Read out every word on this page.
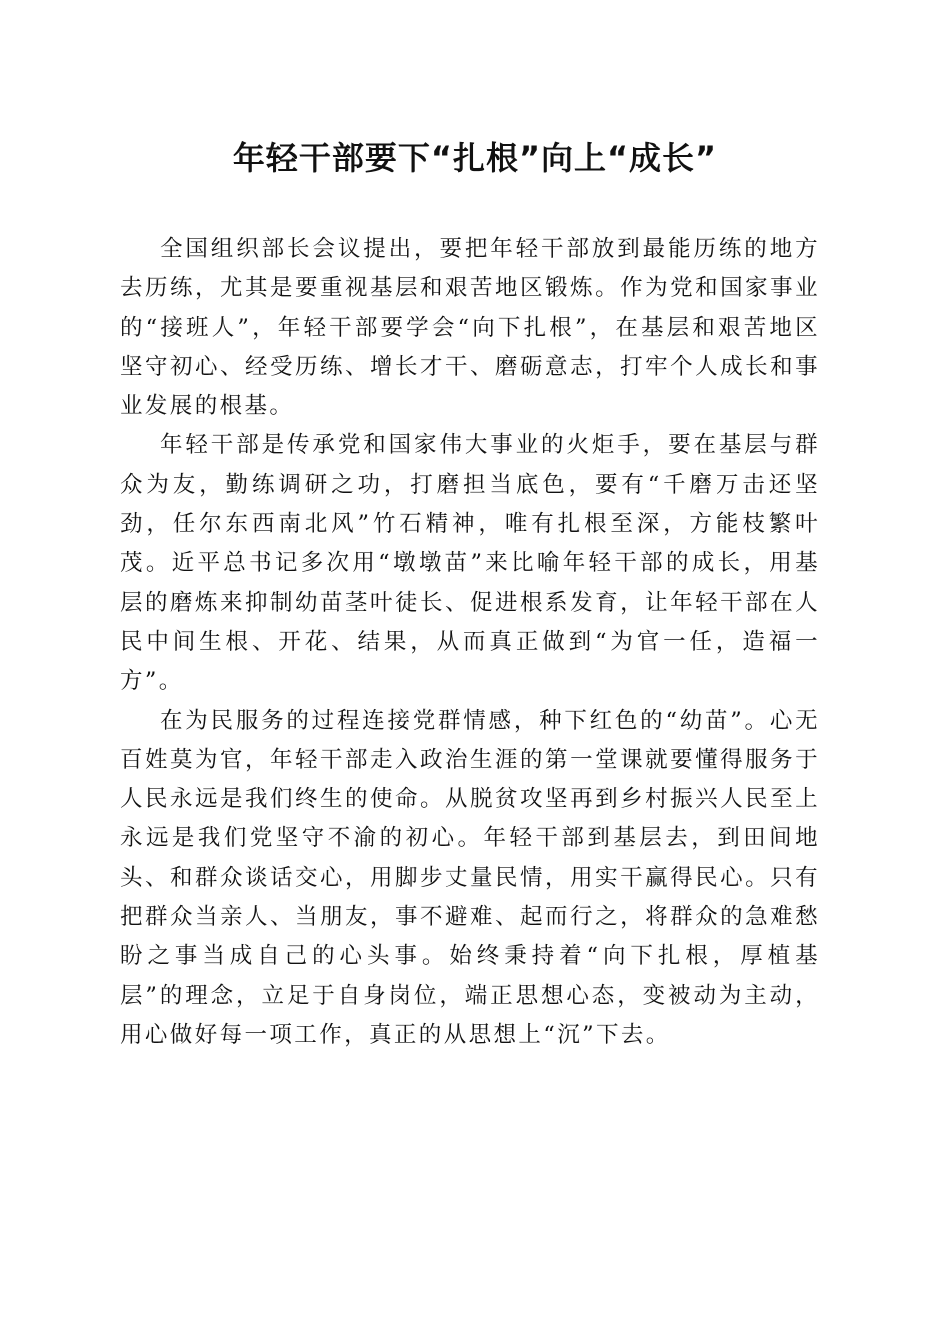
年轻干部要下“扎根”向上“成长”

全国组织部长会议提出，要把年轻干部放到最能历练的地方去历练，尤其是要重视基层和艰苦地区锻炼。作为党和国家事业的“接班人”，年轻干部要学会“向下扎根”，在基层和艰苦地区坚守初心、经受历练、增长才干、磨砺意志，打牢个人成长和事业发展的根基。

年轻干部是传承党和国家伟大事业的火炬手，要在基层与群众为友，勤练调研之功，打磨担当底色，要有“千磨万击还坚劲，任尔东西南北风”竹石精神，唯有扎根至深，方能枝繁叶茂。近平总书记多次用“墩墩苗”来比喻年轻干部的成长，用基层的磨炼来抑制幼苗茎叶徒长、促进根系发育，让年轻干部在人民中间生根、开花、结果，从而真正做到“为官一任，造福一方”。

在为民服务的过程连接党群情感，种下红色的“幼苗”。心无百姓莫为官，年轻干部走入政治生涯的第一堂课就要懂得服务于人民永远是我们终生的使命。从脱贫攻坚再到乡村振兴人民至上永远是我们党坚守不渝的初心。年轻干部到基层去，到田间地头、和群众谈话交心，用脚步丈量民情，用实干赢得民心。只有把群众当亲人、当朋友，事不避难、起而行之，将群众的急难愁盼之事当成自己的心头事。始终秉持着“向下扎根，厚植基层”的理念，立足于自身岗位，端正思想心态，变被动为主动，用心做好每一项工作，真正的从思想上“沉”下去。
